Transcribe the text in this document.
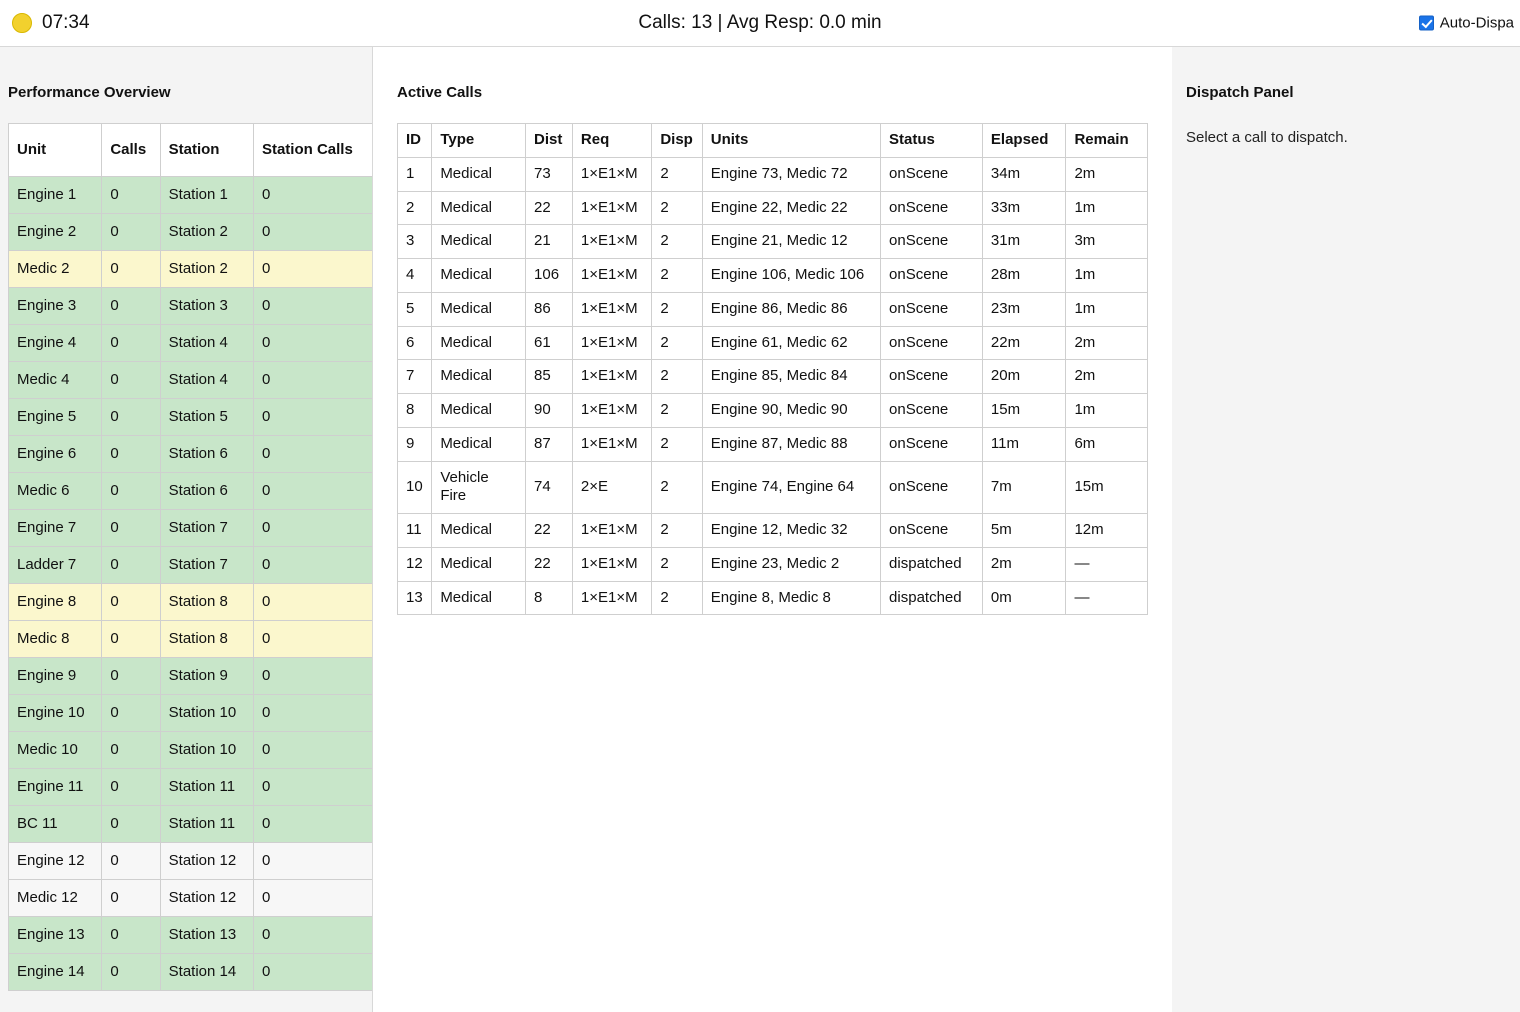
07:34	Calls: 13 | Avg Resp: 0.0 min	Auto-Dispa
Performance Overview
Unit	Calls	Station	Station Calls
Engine 1	0	Station 1	0
Engine 2	0	Station 2	0
Medic 2	0	Station 2	0
Engine 3	0	Station 3	0
Engine 4	0	Station 4	0
Medic 4	0	Station 4	0
Engine 5	0	Station 5	0
Engine 6	0	Station 6	0
Medic 6	0	Station 6	0
Engine 7	0	Station 7	0
Ladder 7	0	Station 7	0
Engine 8	0	Station 8	0
Medic 8	0	Station 8	0
Engine 9	0	Station 9	0
Engine 10	0	Station 10	0
Medic 10	0	Station 10	0
Engine 11	0	Station 11	0
BC 11	0	Station 11	0
Engine 12	0	Station 12	0
Medic 12	0	Station 12	0
Engine 13	0	Station 13	0
Engine 14	0	Station 14	0
Active Calls
ID	Type	Dist	Req	Disp	Units	Status	Elapsed	Remain
1	Medical	73	1×E1×M	2	Engine 73, Medic 72	onScene	34m	2m
2	Medical	22	1×E1×M	2	Engine 22, Medic 22	onScene	33m	1m
3	Medical	21	1×E1×M	2	Engine 21, Medic 12	onScene	31m	3m
4	Medical	106	1×E1×M	2	Engine 106, Medic 106	onScene	28m	1m
5	Medical	86	1×E1×M	2	Engine 86, Medic 86	onScene	23m	1m
6	Medical	61	1×E1×M	2	Engine 61, Medic 62	onScene	22m	2m
7	Medical	85	1×E1×M	2	Engine 85, Medic 84	onScene	20m	2m
8	Medical	90	1×E1×M	2	Engine 90, Medic 90	onScene	15m	1m
9	Medical	87	1×E1×M	2	Engine 87, Medic 88	onScene	11m	6m
10	Vehicle Fire	74	2×E	2	Engine 74, Engine 64	onScene	7m	15m
11	Medical	22	1×E1×M	2	Engine 12, Medic 32	onScene	5m	12m
12	Medical	22	1×E1×M	2	Engine 23, Medic 2	dispatched	2m	—
13	Medical	8	1×E1×M	2	Engine 8, Medic 8	dispatched	0m	—
Dispatch Panel
Select a call to dispatch.
